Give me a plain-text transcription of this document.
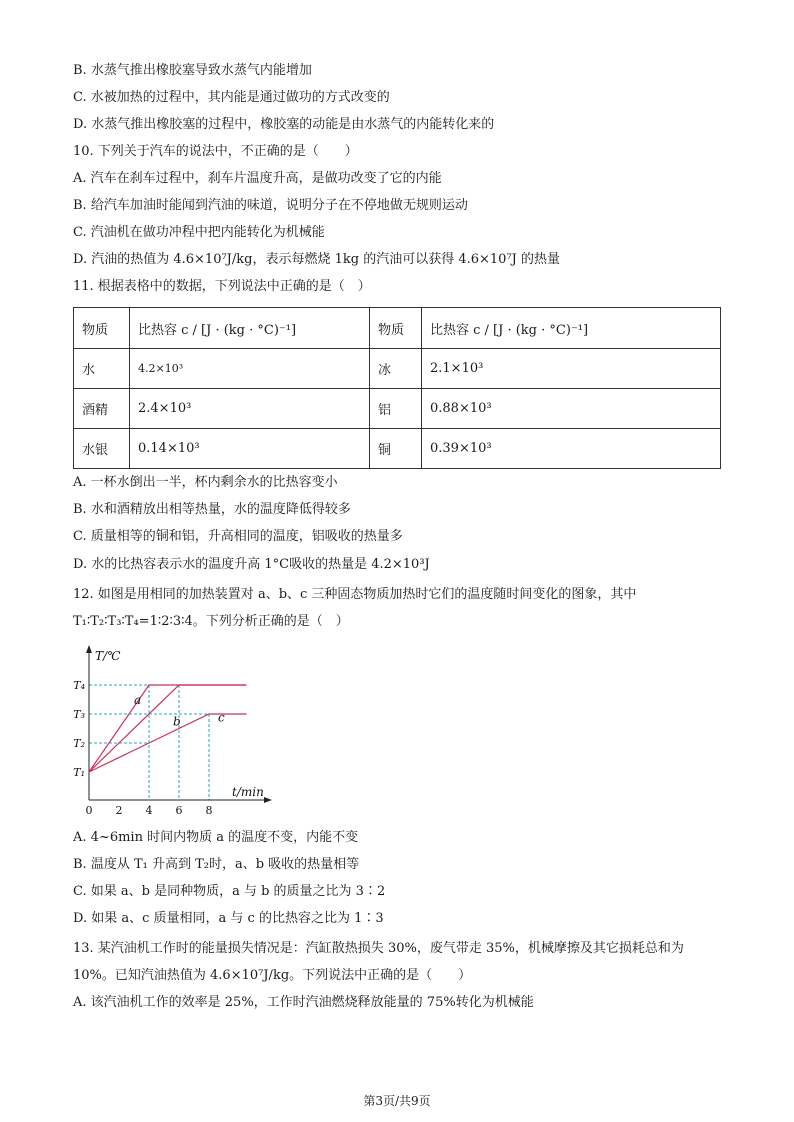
B. 水蒸气推出橡胶塞导致水蒸气内能增加
C. 水被加热的过程中，其内能是通过做功的方式改变的
D. 水蒸气推出橡胶塞的过程中，橡胶塞的动能是由水蒸气的内能转化来的
10. 下列关于汽车的说法中，不正确的是（　　）
A. 汽车在刹车过程中，刹车片温度升高，是做功改变了它的内能
B. 给汽车加油时能闻到汽油的味道，说明分子在不停地做无规则运动
C. 汽油机在做功冲程中把内能转化为机械能
D. 汽油的热值为 4.6×10⁷J/kg，表示每燃烧 1kg 的汽油可以获得 4.6×10⁷J 的热量
11. 根据表格中的数据，下列说法中正确的是（　）
物质	比热容 c / [J · (kg · °C)⁻¹]	物质	比热容 c / [J · (kg · °C)⁻¹]
水	4.2×10³	冰	2.1×10³
酒精	2.4×10³	铝	0.88×10³
水银	0.14×10³	铜	0.39×10³
A. 一杯水倒出一半，杯内剩余水的比热容变小
B. 水和酒精放出相等热量，水的温度降低得较多
C. 质量相等的铜和铝，升高相同的温度，铝吸收的热量多
D. 水的比热容表示水的温度升高 1°C吸收的热量是 4.2×10³J
12. 如图是用相同的加热装置对 a、b、c 三种固态物质加热时它们的温度随时间变化的图象，其中
T₁∶T₂∶T₃∶T₄=1∶2∶3∶4。下列分析正确的是（　）
a
b	c
0 2 4 6 8
T₁
T₂
T₃
T₄
T/℃
t/min
A. 4~6min 时间内物质 a 的温度不变，内能不变
B. 温度从 T₁ 升高到 T₂时，a、b 吸收的热量相等
C. 如果 a、b 是同种物质，a 与 b 的质量之比为 3∶2
D. 如果 a、c 质量相同，a 与 c 的比热容之比为 1∶3
13. 某汽油机工作时的能量损失情况是：汽缸散热损失 30%，废气带走 35%，机械摩擦及其它损耗总和为
10%。已知汽油热值为 4.6×10⁷J/kg。下列说法中正确的是（　　）
A. 该汽油机工作的效率是 25%，工作时汽油燃烧释放能量的 75%转化为机械能
第3页/共9页
